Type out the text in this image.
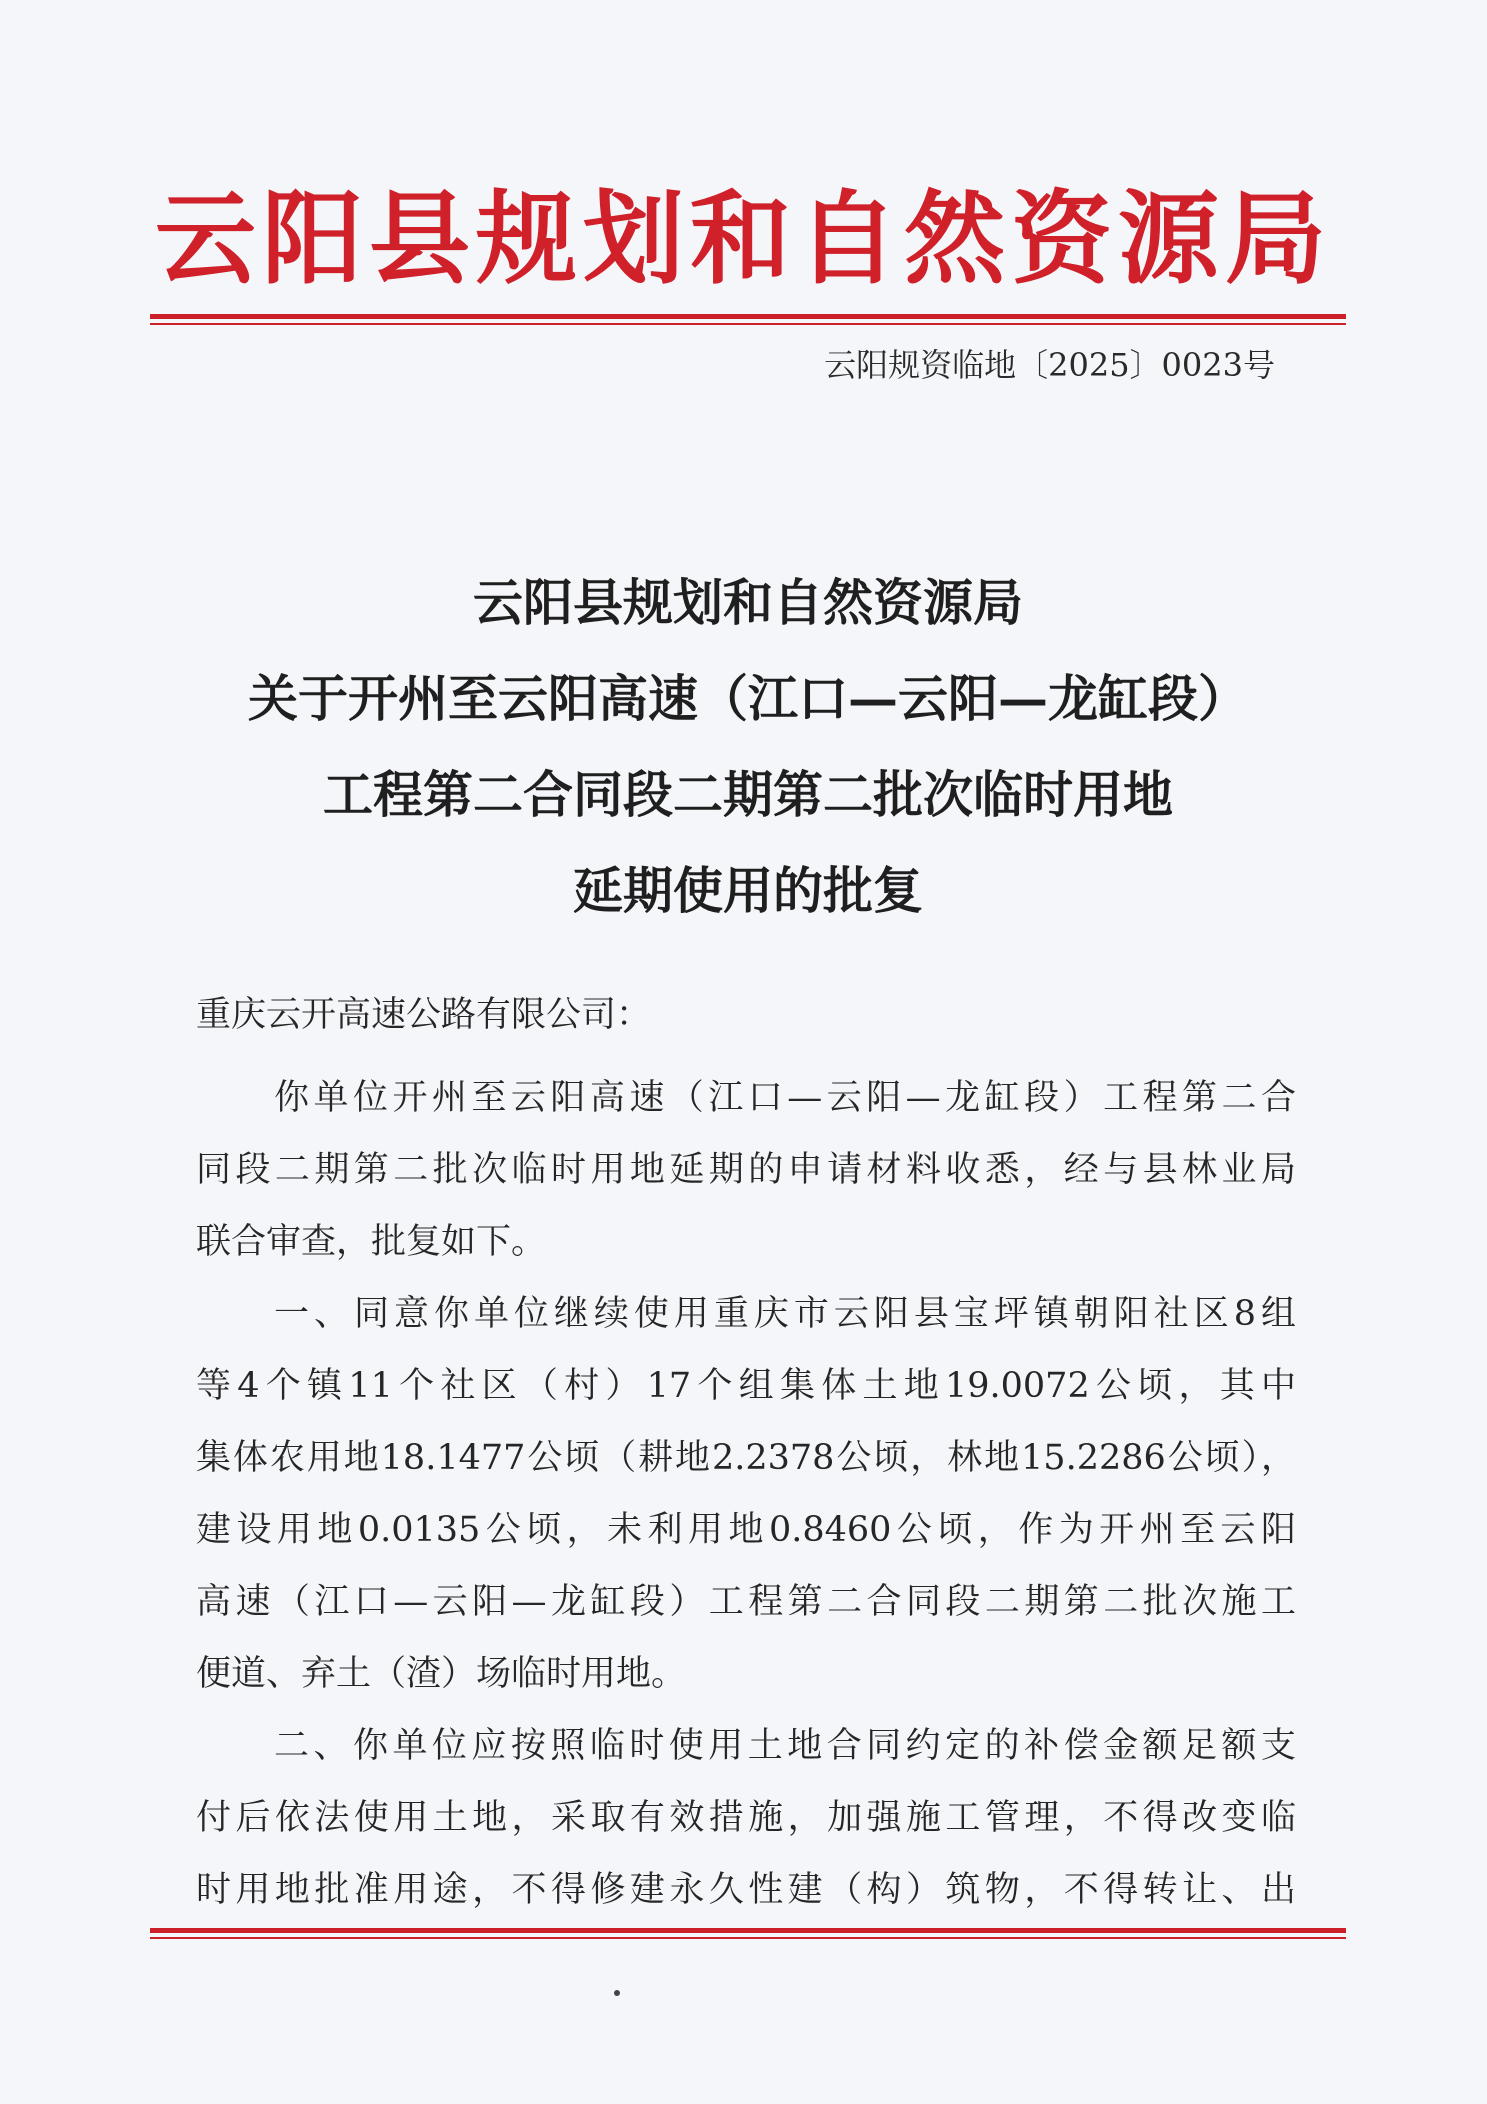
云阳县规划和自然资源局
云阳规资临地〔2025〕0023号
云阳县规划和自然资源局
关于开州至云阳高速（江口—云阳—龙缸段）
工程第二合同段二期第二批次临时用地
延期使用的批复
重庆云开高速公路有限公司：
你单位开州至云阳高速（江口—云阳—龙缸段）工程第二合
同段二期第二批次临时用地延期的申请材料收悉，经与县林业局
联合审查，批复如下。
一、同意你单位继续使用重庆市云阳县宝坪镇朝阳社区8组
等4个镇11个社区（村）17个组集体土地19.0072公顷，其中
集体农用地18.1477公顷（耕地2.2378公顷，林地15.2286公顷），
建设用地0.0135公顷，未利用地0.8460公顷，作为开州至云阳
高速（江口—云阳—龙缸段）工程第二合同段二期第二批次施工
便道、弃土（渣）场临时用地。
二、你单位应按照临时使用土地合同约定的补偿金额足额支
付后依法使用土地，采取有效措施，加强施工管理，不得改变临
时用地批准用途，不得修建永久性建（构）筑物，不得转让、出
